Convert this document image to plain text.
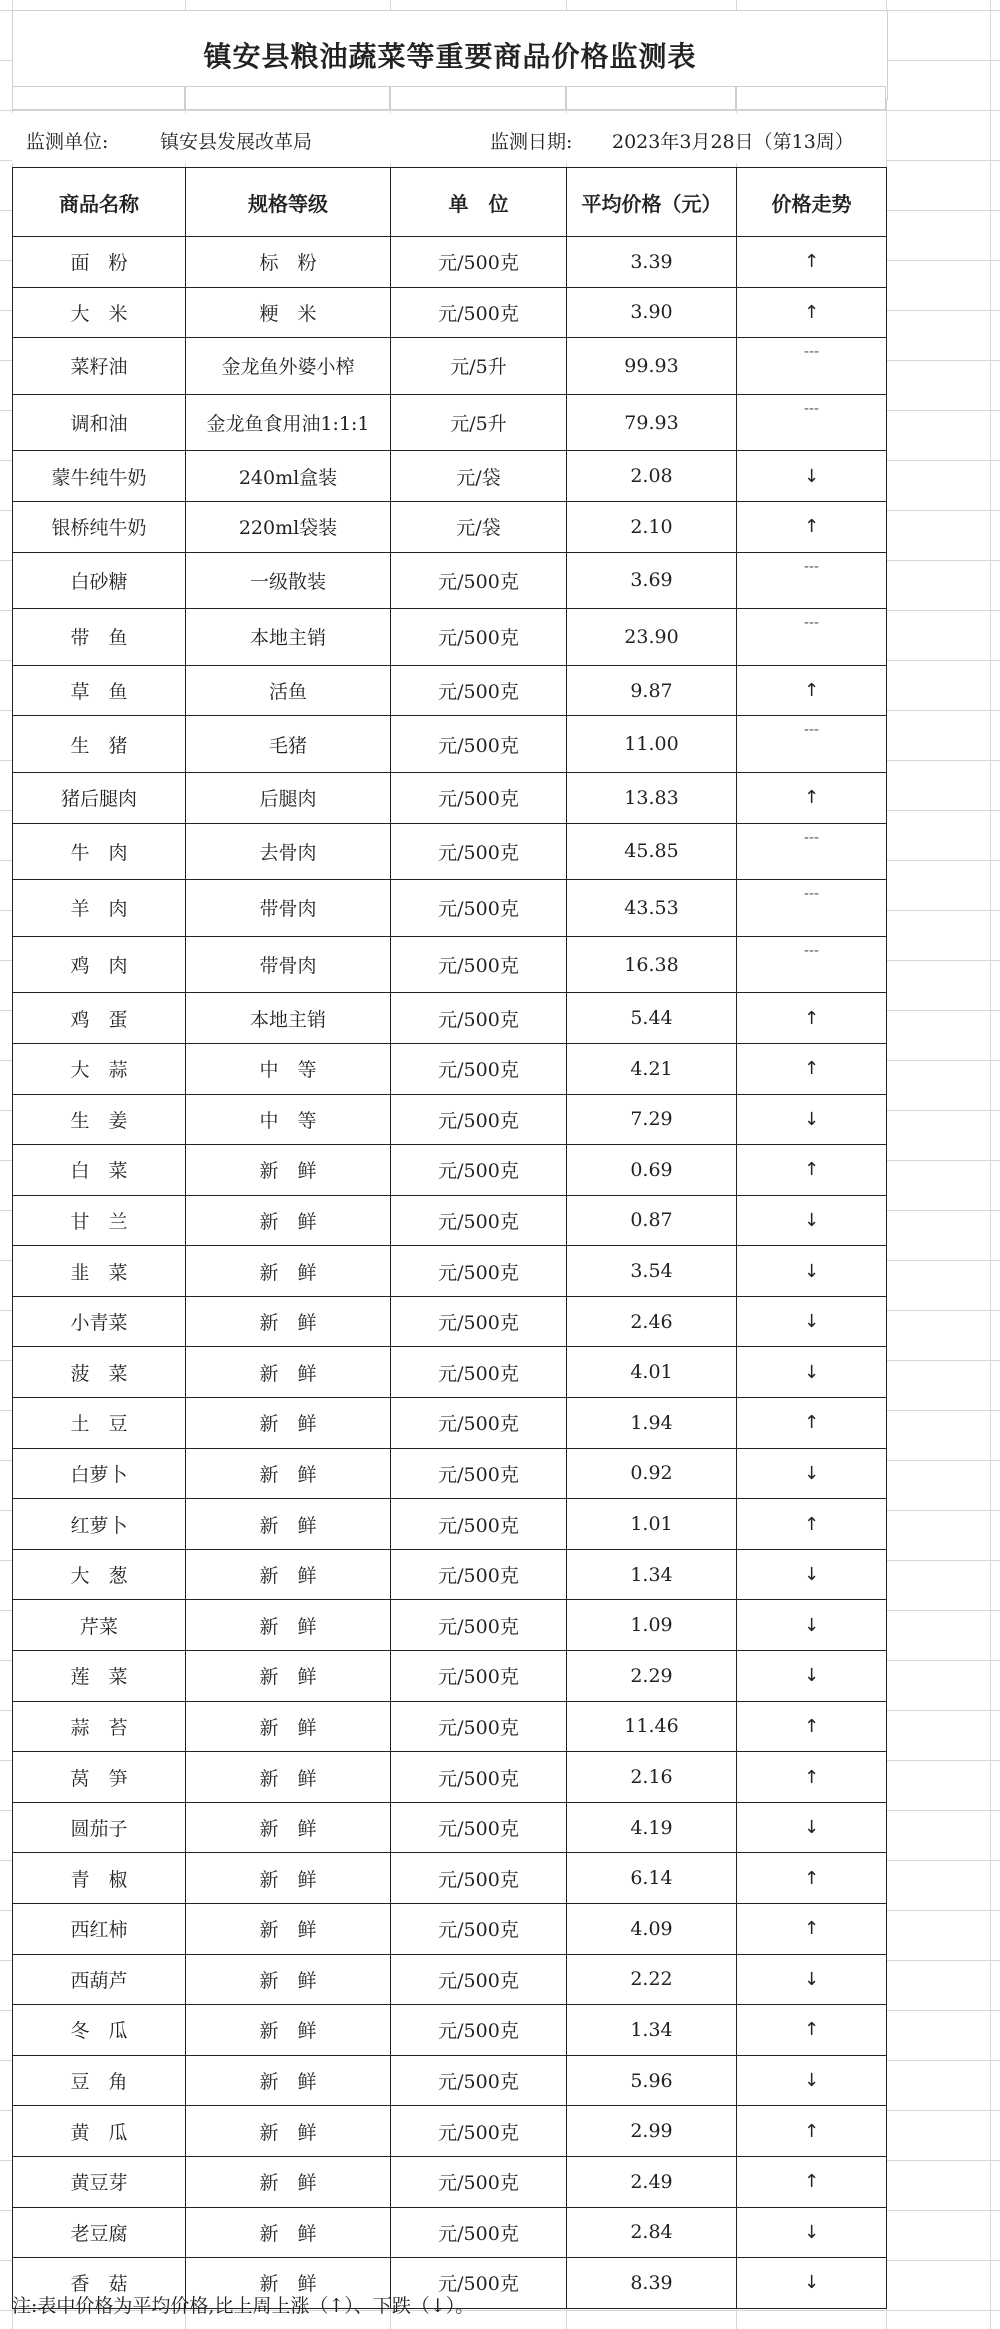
镇安县粮油蔬菜等重要商品价格监测表
监测单位:	镇安县发展改革局	监测日期: 2023年3月28日（第13周）
商品名称	规格等级	单　位	平均价格（元）	价格走势
面　粉	标　粉	元/500克	3.39	↑
大　米	粳　米	元/500克	3.90	↑
菜籽油	金龙鱼外婆小榨	元/5升	99.93	---
调和油	金龙鱼食用油1:1:1	元/5升	79.93	---
蒙牛纯牛奶	240ml盒装	元/袋	2.08	↓
银桥纯牛奶	220ml袋装	元/袋	2.10	↑
白砂糖	一级散装	元/500克	3.69	---
带　鱼	本地主销	元/500克	23.90	---
草　鱼	活鱼	元/500克	9.87	↑
生　猪	毛猪	元/500克	11.00	---
猪后腿肉	后腿肉	元/500克	13.83	↑
牛　肉	去骨肉	元/500克	45.85	---
羊　肉	带骨肉	元/500克	43.53	---
鸡　肉	带骨肉	元/500克	16.38	---
鸡　蛋	本地主销	元/500克	5.44	↑
大　蒜	中　等	元/500克	4.21	↑
生　姜	中　等	元/500克	7.29	↓
白　菜	新　鲜	元/500克	0.69	↑
甘　兰	新　鲜	元/500克	0.87	↓
韭　菜	新　鲜	元/500克	3.54	↓
小青菜	新　鲜	元/500克	2.46	↓
菠　菜	新　鲜	元/500克	4.01	↓
土　豆	新　鲜	元/500克	1.94	↑
白萝卜	新　鲜	元/500克	0.92	↓
红萝卜	新　鲜	元/500克	1.01	↑
大　葱	新　鲜	元/500克	1.34	↓
芹菜	新　鲜	元/500克	1.09	↓
莲　菜	新　鲜	元/500克	2.29	↓
蒜　苔	新　鲜	元/500克	11.46	↑
莴　笋	新　鲜	元/500克	2.16	↑
圆茄子	新　鲜	元/500克	4.19	↓
青　椒	新　鲜	元/500克	6.14	↑
西红柿	新　鲜	元/500克	4.09	↑
西葫芦	新　鲜	元/500克	2.22	↓
冬　瓜	新　鲜	元/500克	1.34	↑
豆　角	新　鲜	元/500克	5.96	↓
黄　瓜	新　鲜	元/500克	2.99	↑
黄豆芽	新　鲜	元/500克	2.49	↑
老豆腐	新　鲜	元/500克	2.84	↓
香　菇	新　鲜	元/500克	8.39	↓
注:表中价格为平均价格,比上周上涨（↑）、下跌（↓）。
